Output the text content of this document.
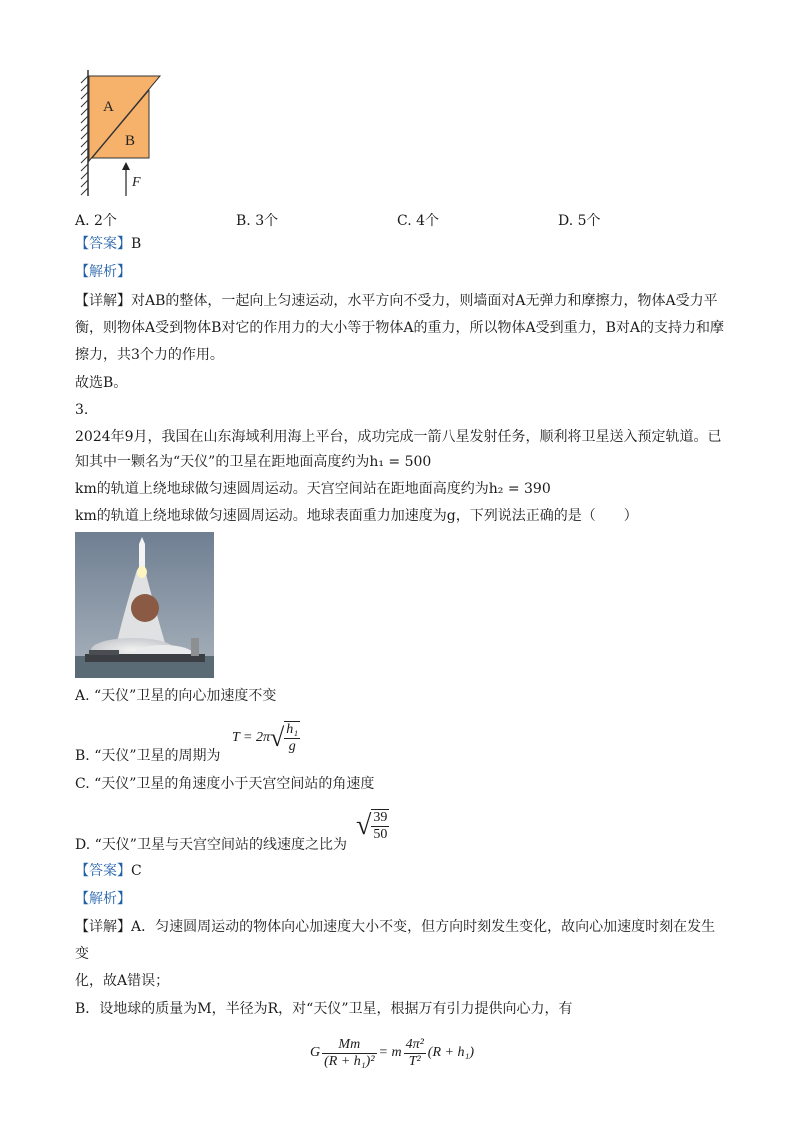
A
B
F
A. 2个	B. 3个	C. 4个	D. 5个
【答案】B
【解析】
【详解】对AB的整体，一起向上匀速运动，水平方向不受力，则墙面对A无弹力和摩擦力，物体A受力平
衡，则物体A受到物体B对它的作用力的大小等于物体A的重力，所以物体A受到重力，B对A的支持力和摩
擦力，共3个力的作用。
故选B。
3.
2024年9月，我国在山东海域利用海上平台，成功完成一箭八星发射任务，顺利将卫星送入预定轨道。已
知其中一颗名为“天仪”的卫星在距地面高度约为h₁ = 500
km的轨道上绕地球做匀速圆周运动。天宫空间站在距地面高度约为h₂ = 390
km的轨道上绕地球做匀速圆周运动。地球表面重力加速度为g，下列说法正确的是（　　）
A. “天仪”卫星的向心加速度不变
B. “天仪”卫星的周期为
T = 2π √ $\frac{\text{h₁}}{g}$
C. “天仪”卫星的角速度小于天宫空间站的角速度
D. “天仪”卫星与天宫空间站的线速度之比为
√ $\frac{39}{50}$
【答案】C
【解析】
【详解】A．匀速圆周运动的物体向心加速度大小不变，但方向时刻发生变化，故向心加速度时刻在发生
变
化，故A错误；
B．设地球的质量为M，半径为R，对“天仪”卫星，根据万有引力提供向心力，有
G $\frac{Mm}{\text{(R + h₁)²}} = m \frac{\text{4π²}}{\text{T²}} (R + h_1)$
